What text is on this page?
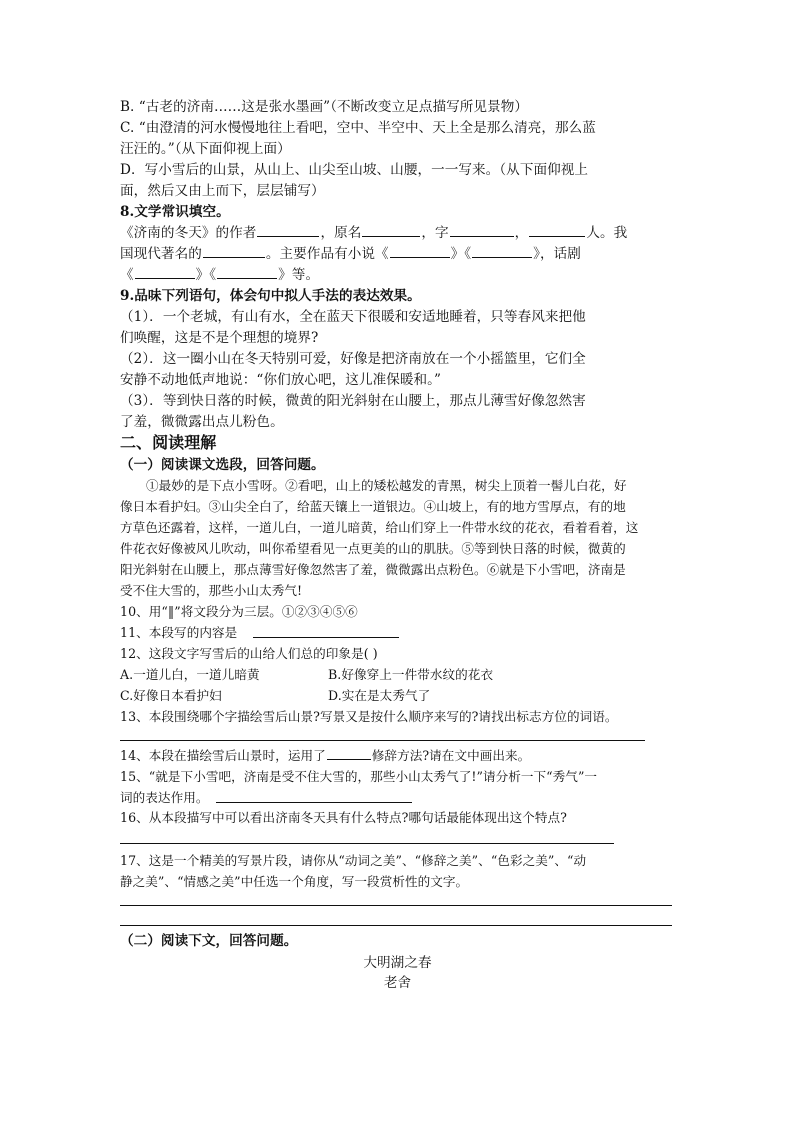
B. “古老的济南……这是张水墨画”（不断改变立足点描写所见景物）
C. “由澄清的河水慢慢地往上看吧，空中、半空中、天上全是那么清亮，那么蓝
汪汪的。”（从下面仰视上面）
D．写小雪后的山景，从山上、山尖至山坡、山腰，一一写来。（从下面仰视上
面，然后又由上而下，层层铺写）
8.文学常识填空。
《济南的冬天》的作者	，原名	，字	，	人。我
国现代著名的	。主要作品有小说《	》《	》，话剧
《	》《	》等。
9.品味下列语句，体会句中拟人手法的表达效果。
（1）．一个老城，有山有水，全在蓝天下很暖和安适地睡着，只等春风来把他
们唤醒，这是不是个理想的境界?
（2）．这一圈小山在冬天特别可爱，好像是把济南放在一个小摇篮里，它们全
安静不动地低声地说：“你们放心吧，这儿准保暖和。”
（3）．等到快日落的时候，微黄的阳光斜射在山腰上，那点儿薄雪好像忽然害
了羞，微微露出点儿粉色。
二、阅读理解
（一）阅读课文选段，回答问题。
①最妙的是下点小雪呀。②看吧，山上的矮松越发的青黑，树尖上顶着一髻儿白花，好
像日本看护妇。③山尖全白了，给蓝天镶上一道银边。④山坡上，有的地方雪厚点，有的地
方草色还露着，这样，一道儿白，一道儿暗黄，给山们穿上一件带水纹的花衣，看着看着，这
件花衣好像被风儿吹动，叫你希望看见一点更美的山的肌肤。⑤等到快日落的时候，微黄的
阳光斜射在山腰上，那点薄雪好像忽然害了羞，微微露出点粉色。⑥就是下小雪吧，济南是
受不住大雪的，那些小山太秀气!
10、用“‖”将文段分为三层。①②③④⑤⑥
11、本段写的内容是
12、这段文字写雪后的山给人们总的印象是( )
A.一道儿白，一道儿暗黄	B.好像穿上一件带水纹的花衣
C.好像日本看护妇	D.实在是太秀气了
13、本段围绕哪个字描绘雪后山景?写景又是按什么顺序来写的?请找出标志方位的词语。
14、本段在描绘雪后山景时，运用了	修辞方法?请在文中画出来。
15、“就是下小雪吧，济南是受不住大雪的，那些小山太秀气了!”请分析一下“秀气”一
词的表达作用。
16、从本段描写中可以看出济南冬天具有什么特点?哪句话最能体现出这个特点?
17、这是一个精美的写景片段，请你从“动词之美”、“修辞之美”、“色彩之美”、“动
静之美”、“情感之美”中任选一个角度，写一段赏析性的文字。
（二）阅读下文，回答问题。
大明湖之春
老舍
